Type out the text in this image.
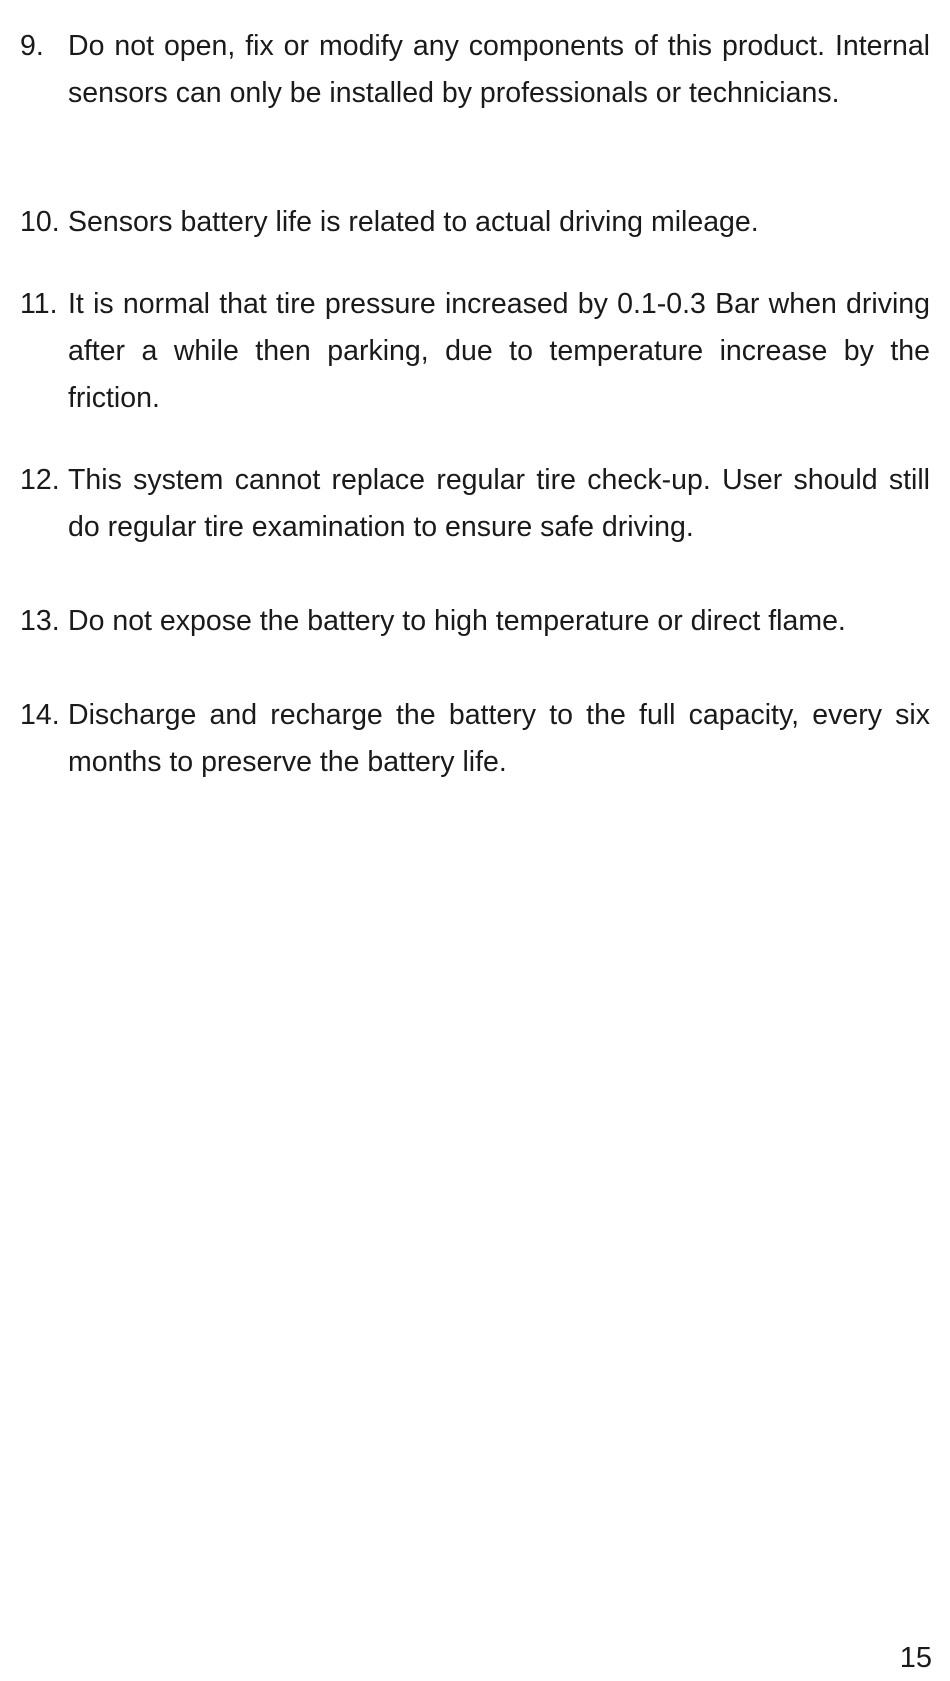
9. Do not open, fix or modify any components of this product. Internal sensors can only be installed by professionals or technicians.
10. Sensors battery life is related to actual driving mileage.
11. It is normal that tire pressure increased by 0.1-0.3 Bar when driving after a while then parking, due to temperature increase by the friction.
12. This system cannot replace regular tire check-up. User should still do regular tire examination to ensure safe driving.
13. Do not expose the battery to high temperature or direct flame.
14. Discharge and recharge the battery to the full capacity, every six months to preserve the battery life.
15
